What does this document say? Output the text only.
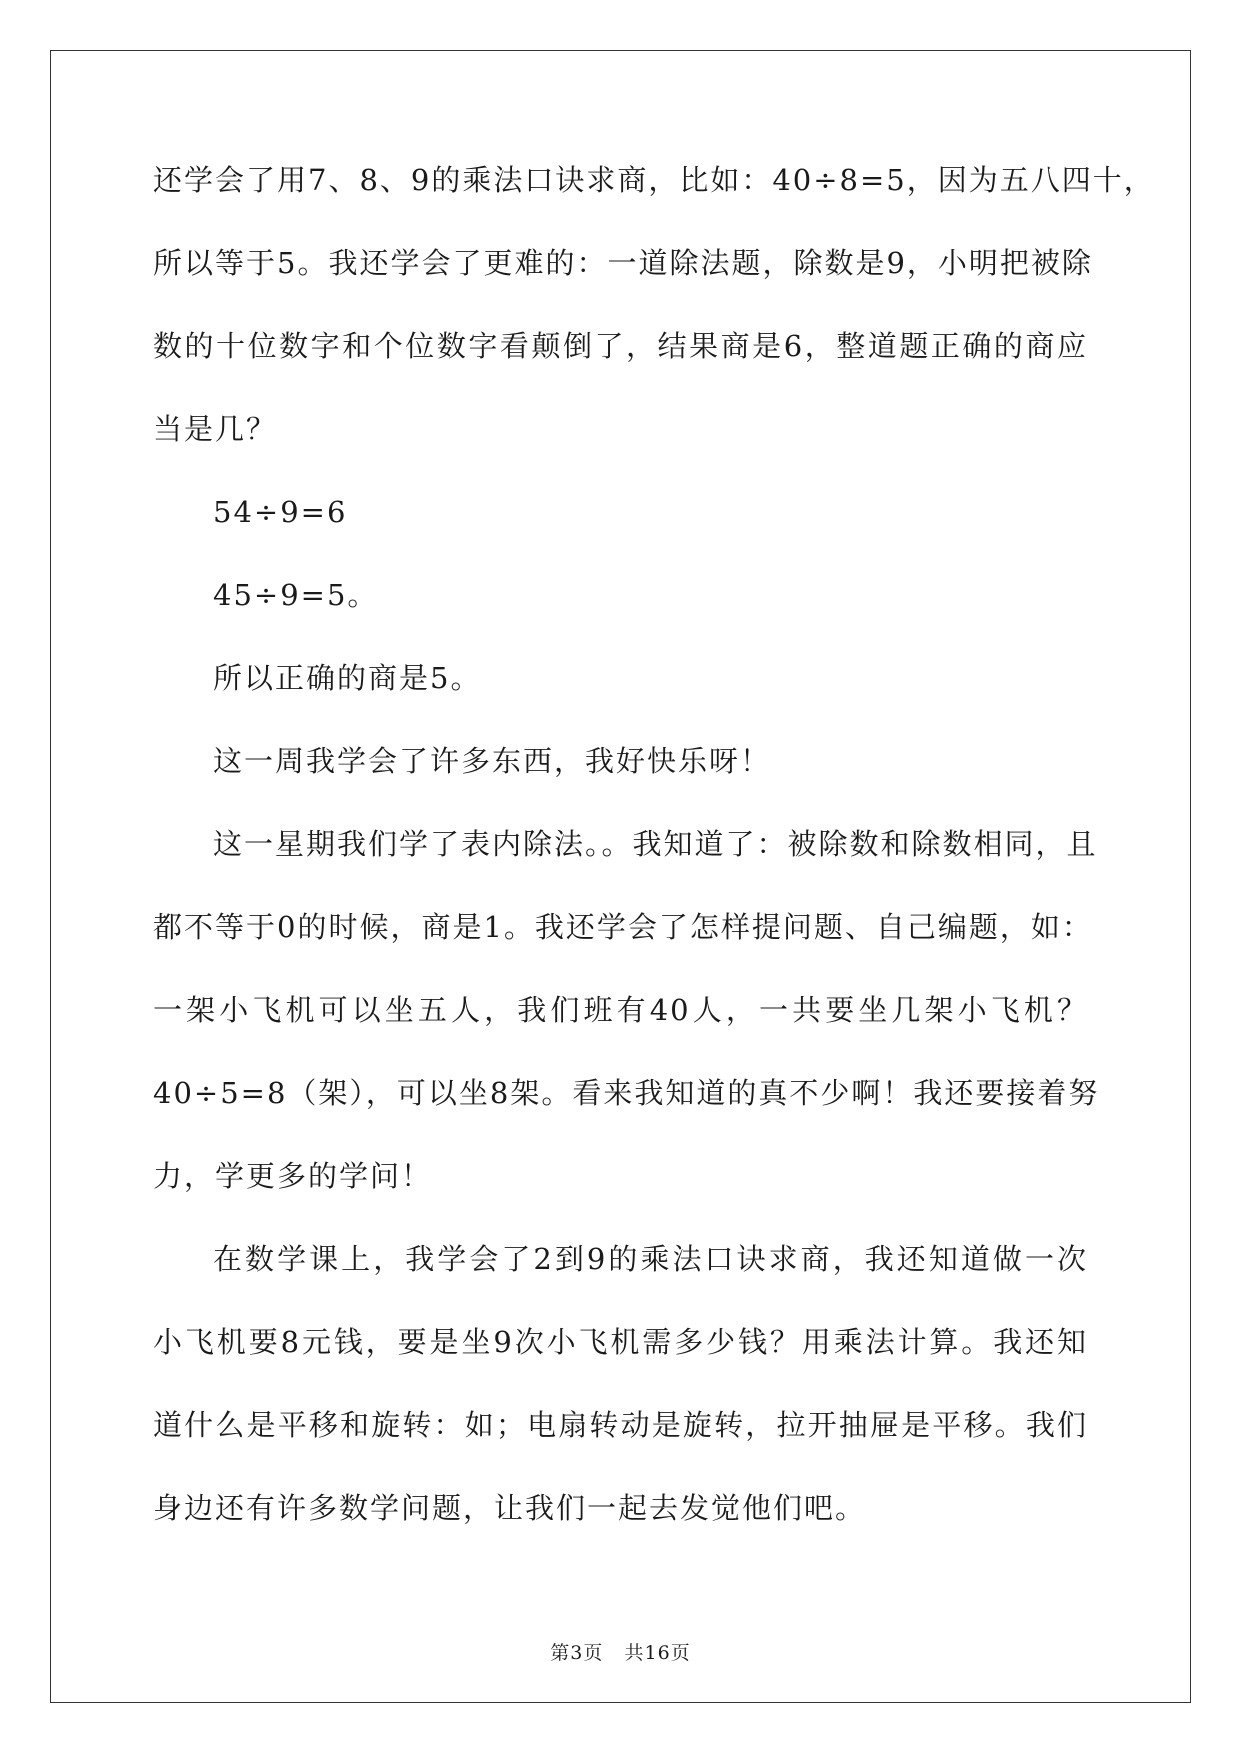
还学会了用7、8、9的乘法口诀求商，比如：40÷8=5，因为五八四十，
所以等于5。我还学会了更难的：一道除法题，除数是9，小明把被除
数的十位数字和个位数字看颠倒了，结果商是6，整道题正确的商应
当是几？
54÷9=6
45÷9=5。
所以正确的商是5。
这一周我学会了许多东西，我好快乐呀！
这一星期我们学了表内除法。。我知道了：被除数和除数相同，且
都不等于0的时候，商是1。我还学会了怎样提问题、自己编题，如：
一架小飞机可以坐五人，我们班有40人，一共要坐几架小飞机？
40÷5=8（架），可以坐8架。看来我知道的真不少啊！我还要接着努
力，学更多的学问！
在数学课上，我学会了2到9的乘法口诀求商，我还知道做一次
小飞机要8元钱，要是坐9次小飞机需多少钱？用乘法计算。我还知
道什么是平移和旋转：如；电扇转动是旋转，拉开抽屉是平移。我们
身边还有许多数学问题，让我们一起去发觉他们吧。
第3页 共16页
